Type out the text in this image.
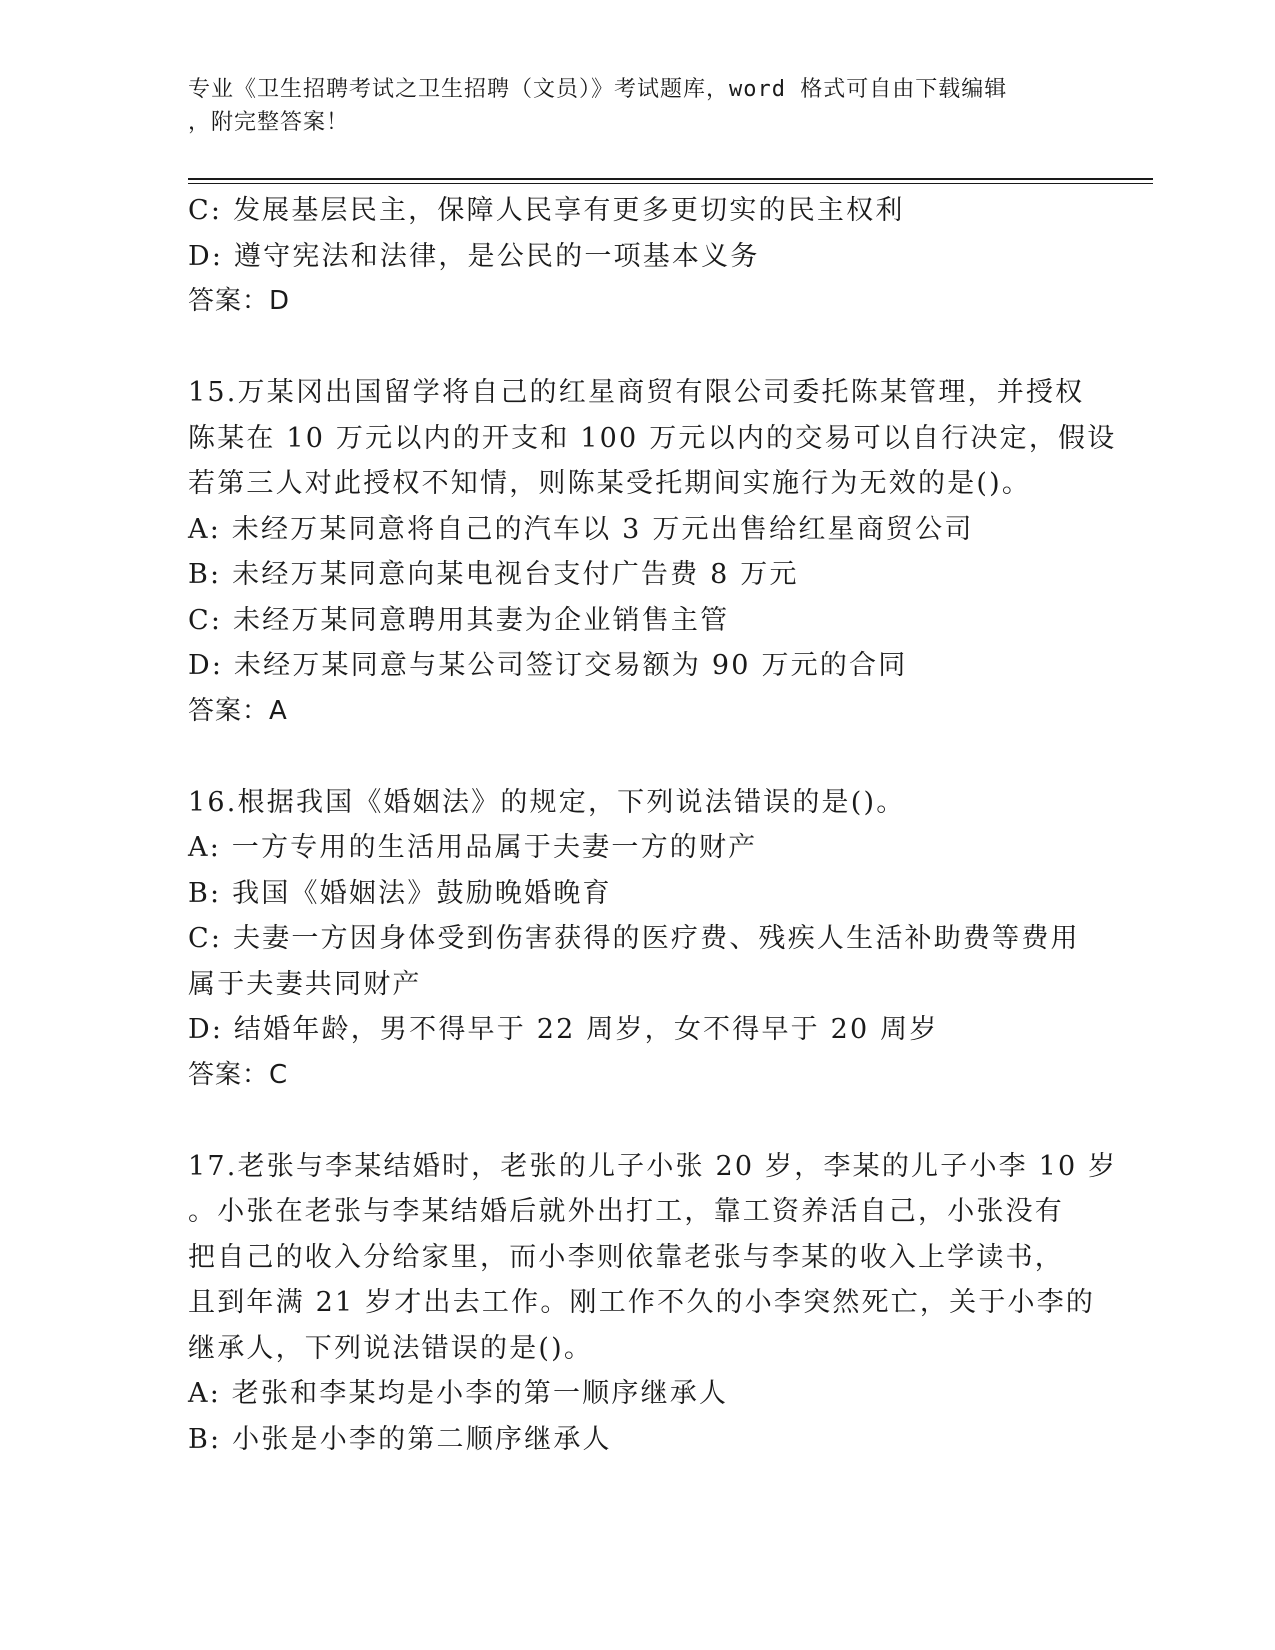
专业《卫生招聘考试之卫生招聘（文员）》考试题库，word 格式可自由下载编辑
，附完整答案！
C: 发展基层民主，保障人民享有更多更切实的民主权利
D: 遵守宪法和法律，是公民的一项基本义务
答案：D
15.万某冈出国留学将自己的红星商贸有限公司委托陈某管理，并授权
陈某在 10 万元以内的开支和 100 万元以内的交易可以自行决定，假设
若第三人对此授权不知情，则陈某受托期间实施行为无效的是()。
A: 未经万某同意将自己的汽车以 3 万元出售给红星商贸公司
B: 未经万某同意向某电视台支付广告费 8 万元
C: 未经万某同意聘用其妻为企业销售主管
D: 未经万某同意与某公司签订交易额为 90 万元的合同
答案：A
16.根据我国《婚姻法》的规定，下列说法错误的是()。
A: 一方专用的生活用品属于夫妻一方的财产
B: 我国《婚姻法》鼓励晚婚晚育
C: 夫妻一方因身体受到伤害获得的医疗费、残疾人生活补助费等费用
属于夫妻共同财产
D: 结婚年龄，男不得早于 22 周岁，女不得早于 20 周岁
答案：C
17.老张与李某结婚时，老张的儿子小张 20 岁，李某的儿子小李 10 岁
。小张在老张与李某结婚后就外出打工，靠工资养活自己，小张没有
把自己的收入分给家里，而小李则依靠老张与李某的收入上学读书，
且到年满 21 岁才出去工作。刚工作不久的小李突然死亡，关于小李的
继承人，下列说法错误的是()。
A: 老张和李某均是小李的第一顺序继承人
B: 小张是小李的第二顺序继承人
